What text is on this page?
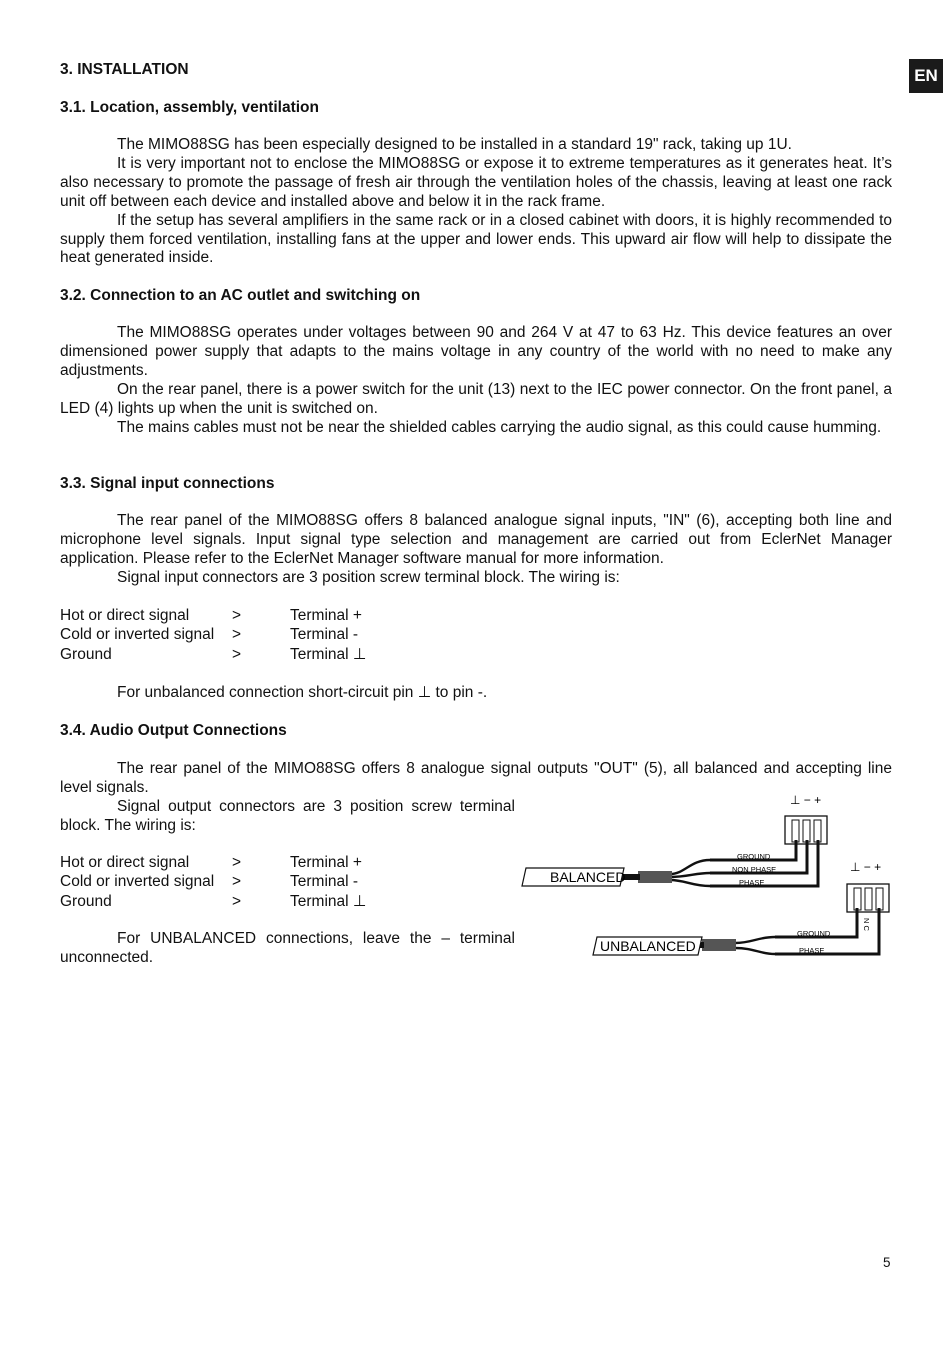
EN
3. INSTALLATION
3.1. Location, assembly, ventilation

The MIMO88SG has been especially designed to be installed in a standard 19" rack, taking up 1U.

It is very important not to enclose the MIMO88SG or expose it to extreme temperatures as it generates heat. It’s also necessary to promote the passage of fresh air through the ventilation holes of the chassis, leaving at least one rack unit off between each device and installed above and below it in the rack frame.

If the setup has several amplifiers in the same rack or in a closed cabinet with doors, it is highly recommended to supply them forced ventilation, installing fans at the upper and lower ends. This upward air flow will help to dissipate the heat generated inside.

3.2. Connection to an AC outlet and switching on

The MIMO88SG operates under voltages between 90 and 264 V at 47 to 63 Hz. This device features an over dimensioned power supply that adapts to the mains voltage in any country of the world with no need to make any adjustments.

On the rear panel, there is a power switch for the unit (13) next to the IEC power connector. On the front panel, a LED (4) lights up when the unit is switched on.

The mains cables must not be near the shielded cables carrying the audio signal, as this could cause humming.

3.3. Signal input connections

The rear panel of the MIMO88SG offers 8 balanced analogue signal inputs, "IN" (6), accepting both line and microphone level signals. Input signal type selection and management are carried out from EclerNet Manager application. Please refer to the EclerNet Manager software manual for more information.

Signal input connectors are 3 position screw terminal block. The wiring is:

Hot or direct signal	>	Terminal +
Cold or inverted signal	>	Terminal -
Ground	>	Terminal ⊥

For unbalanced connection short-circuit pin ⊥ to pin -.

3.4. Audio Output Connections

The rear panel of the MIMO88SG offers 8 analogue signal outputs "OUT" (5), all balanced and accepting line level signals.

Signal output connectors are 3 position screw terminal block. The wiring is:

Hot or direct signal	>	Terminal +
Cold or inverted signal	>	Terminal -
Ground	>	Terminal ⊥

For UNBALANCED connections, leave the – terminal unconnected.

⊥ − +
GROUND
NON PHASE
PHASE
BALANCED
⊥ − +
N C
GROUND
PHASE
UNBALANCED
5
